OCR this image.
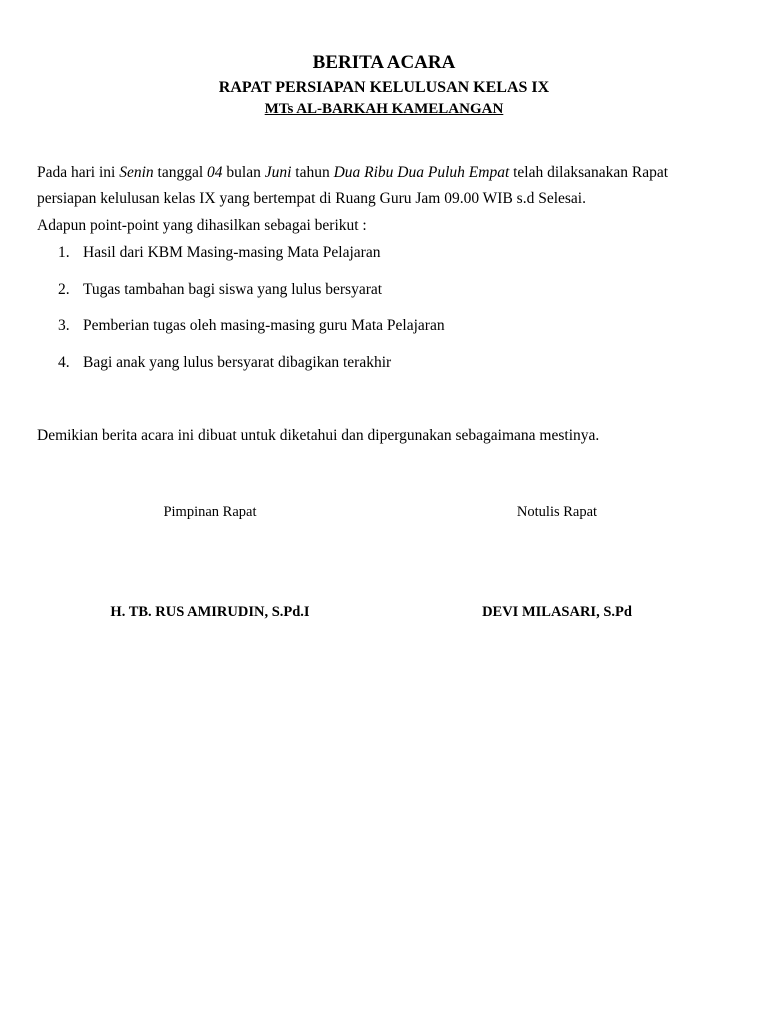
BERITA ACARA
RAPAT PERSIAPAN KELULUSAN KELAS IX
MTs AL-BARKAH KAMELANGAN
Pada hari ini Senin tanggal 04 bulan Juni tahun Dua Ribu Dua Puluh Empat telah dilaksanakan Rapat
persiapan kelulusan kelas IX yang bertempat di Ruang Guru Jam 09.00 WIB s.d Selesai.
Adapun point-point yang dihasilkan sebagai berikut :
1. Hasil dari KBM Masing-masing Mata Pelajaran
2. Tugas tambahan bagi siswa yang lulus bersyarat
3. Pemberian tugas oleh masing-masing guru Mata Pelajaran
4. Bagi anak yang lulus bersyarat dibagikan terakhir
Demikian berita acara ini dibuat untuk diketahui dan dipergunakan sebagaimana mestinya.
Pimpinan Rapat	Notulis Rapat
H. TB. RUS AMIRUDIN, S.Pd.I	DEVI MILASARI, S.Pd
